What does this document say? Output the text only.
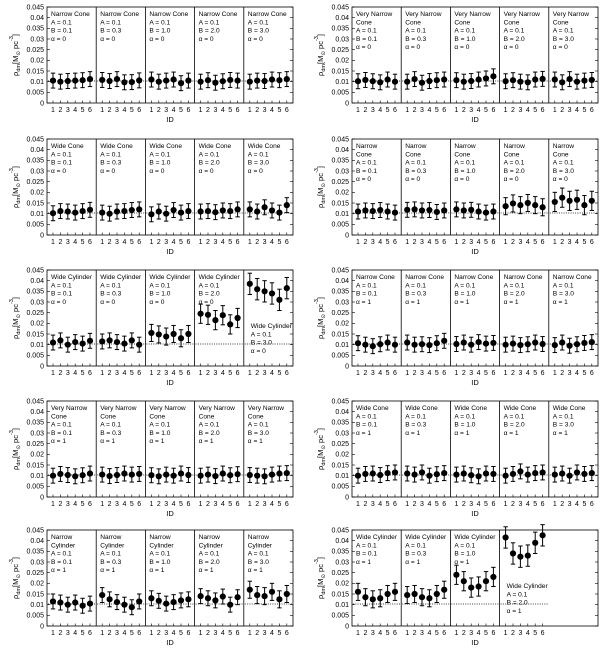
0
0.005
0.01
0.015
0.02
0.025
0.03
0.035
0.04
0.045
$\rho_{dm}[M_⊙$ $pc^{-3}$]
ID
1 2 3 4 5 6
Narrow Cone
A = 0.1
B = 0.1
α = 0
1 2 3 4 5 6
Narrow Cone
A = 0.1
B = 0.3
α = 0
1 2 3 4 5 6
Narrow Cone
A = 0.1
B = 1.0
α = 0
1 2 3 4 5 6
Narrow Cone
A = 0.1
B = 2.0
α = 0
1 2 3 4 5 6
Narrow Cone
A = 0.1
B = 3.0
α = 0
0
0.005
0.01
0.015
0.02
0.025
0.03
0.035
0.04
0.045
$\rho_{dm}[M_⊙$ $pc^{-3}$]
ID
1 2 3 4 5 6
Very Narrow
Cone
A = 0.1
B = 0.1
α = 0
1 2 3 4 5 6
Very Narrow
Cone
A = 0.1
B = 0.3
α = 0
1 2 3 4 5 6
Very Narrow
Cone
A = 0.1
B = 1.0
α = 0
1 2 3 4 5 6
Very Narrow
Cone
A = 0.1
B = 2.0
α = 0
1 2 3 4 5 6
Very Narrow
Cone
A = 0.1
B = 3.0
α = 0
0
0.005
0.01
0.015
0.02
0.025
0.03
0.035
0.04
0.045
$\rho_{dm}[M_⊙$ $pc^{-3}$]
ID
1 2 3 4 5 6
Wide Cone
A = 0.1
B = 0.1
α = 0
1 2 3 4 5 6
Wide Cone
A = 0.1
B = 0.3
α = 0
1 2 3 4 5 6
Wide Cone
A = 0.1
B = 1.0
α = 0
1 2 3 4 5 6
Wide Cone
A = 0.1
B = 2.0
α = 0
1 2 3 4 5 6
Wide Cone
A = 0.1
B = 3.0
α = 0
0
0.005
0.01
0.015
0.02
0.025
0.03
0.035
0.04
0.045
$\rho_{dm}[M_⊙$ $pc^{-3}$]
ID
1 2 3 4 5 6
Narrow
Cone
A = 0.1
B = 0.1
α = 0
1 2 3 4 5 6
Narrow
Cone
A = 0.1
B = 0.3
α = 0
1 2 3 4 5 6
Narrow
Cone
A = 0.1
B = 1.0
α = 0
1 2 3 4 5 6
Narrow
Cone
A = 0.1
B = 2.0
α = 0
1 2 3 4 5 6
Narrow
Cone
A = 0.1
B = 3.0
α = 0
0
0.005
0.01
0.015
0.02
0.025
0.03
0.035
0.04
0.045
$\rho_{dm}[M_⊙$ $pc^{-3}$]
ID
1 2 3 4 5 6
Wide Cylinder
A = 0.1
B = 0.1
α = 0
1 2 3 4 5 6
Wide Cylinder
A = 0.1
B = 0.3
α = 0
1 2 3 4 5 6
Wide Cylinder
A = 0.1
B = 1.0
α = 0
1 2 3 4 5 6
Wide Cylinder
A = 0.1
B = 2.0
α = 0
1 2 3 4 5 6
Wide Cylinder
A = 0.1
B = 3.0
α = 0
0
0.005
0.01
0.015
0.02
0.025
0.03
0.035
0.04
0.045
$\rho_{dm}[M_⊙$ $pc^{-3}$]
ID
1 2 3 4 5 6
Narrow Cone
A = 0.1
B = 0.1
α = 1
1 2 3 4 5 6
Narrow Cone
A = 0.1
B = 0.3
α = 1
1 2 3 4 5 6
Narrow Cone
A = 0.1
B = 1.0
α = 1
1 2 3 4 5 6
Narrow Cone
A = 0.1
B = 2.0
α = 1
1 2 3 4 5 6
Narrow Cone
A = 0.1
B = 3.0
α = 1
0
0.005
0.01
0.015
0.02
0.025
0.03
0.035
0.04
0.045
$\rho_{dm}[M_⊙$ $pc^{-3}$]
ID
1 2 3 4 5 6
Very Narrow
Cone
A = 0.1
B = 0.1
α = 1
1 2 3 4 5 6
Very Narrow
Cone
A = 0.1
B = 0.3
α = 1
1 2 3 4 5 6
Very Narrow
Cone
A = 0.1
B = 1.0
α = 1
1 2 3 4 5 6
Very Narrow
Cone
A = 0.1
B = 2.0
α = 1
1 2 3 4 5 6
Very Narrow
Cone
A = 0.1
B = 3.0
α = 1
0
0.005
0.01
0.015
0.02
0.025
0.03
0.035
0.04
0.045
$\rho_{dm}[M_⊙$ $pc^{-3}$]
ID
1 2 3 4 5 6
Wide Cone
A = 0.1
B = 0.1
α = 1
1 2 3 4 5 6
Wide Cone
A = 0.1
B = 0.3
α = 1
1 2 3 4 5 6
Wide Cone
A = 0.1
B = 1.0
α = 1
1 2 3 4 5 6
Wide Cone
A = 0.1
B = 2.0
α = 1
1 2 3 4 5 6
Wide Cone
A = 0.1
B = 3.0
α = 1
0
0.005
0.01
0.015
0.02
0.025
0.03
0.035
0.04
0.045
$\rho_{dm}[M_⊙$ $pc^{-3}$]
ID
1 2 3 4 5 6
Narrow
Cylinder
A = 0.1
B = 0.1
α = 1
1 2 3 4 5 6
Narrow
Cylinder
A = 0.1
B = 0.3
α = 1
1 2 3 4 5 6
Narrow
Cylinder
A = 0.1
B = 1.0
α = 1
1 2 3 4 5 6
Narrow
Cylinder
A = 0.1
B = 2.0
α = 1
1 2 3 4 5 6
Narrow
Cylinder
A = 0.1
B = 3.0
α = 1
0
0.005
0.01
0.015
0.02
0.025
0.03
0.035
0.04
0.045
$\rho_{dm}[M_⊙$ $pc^{-3}$]
ID
1 2 3 4 5 6
Wide Cylinder
A = 0.1
B = 0.1
α = 1
1 2 3 4 5 6
Wide Cylinder
A = 0.1
B = 0.3
α = 1
1 2 3 4 5 6
Wide Cylinder
A = 0.1
B = 1.0
α = 1
1 2 3 4 5 6
Wide Cylinder
A = 0.1
B = 2.0
α = 1
